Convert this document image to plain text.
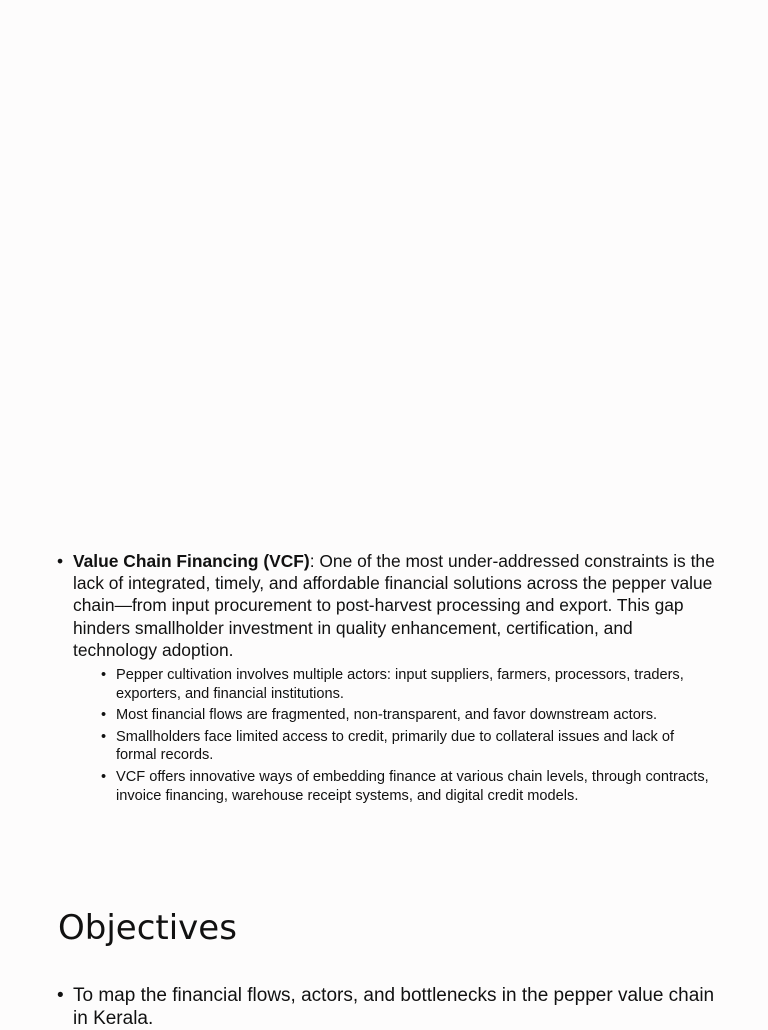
• Value Chain Financing (VCF): One of the most under-addressed constraints is the lack of integrated, timely, and affordable financial solutions across the pepper value chain—from input procurement to post-harvest processing and export. This gap hinders smallholder investment in quality enhancement, certification, and technology adoption.
• Pepper cultivation involves multiple actors: input suppliers, farmers, processors, traders, exporters, and financial institutions.
• Most financial flows are fragmented, non-transparent, and favor downstream actors.
• Smallholders face limited access to credit, primarily due to collateral issues and lack of formal records.
• VCF offers innovative ways of embedding finance at various chain levels, through contracts, invoice financing, warehouse receipt systems, and digital credit models.
Objectives
• To map the financial flows, actors, and bottlenecks in the pepper value chain in Kerala.
